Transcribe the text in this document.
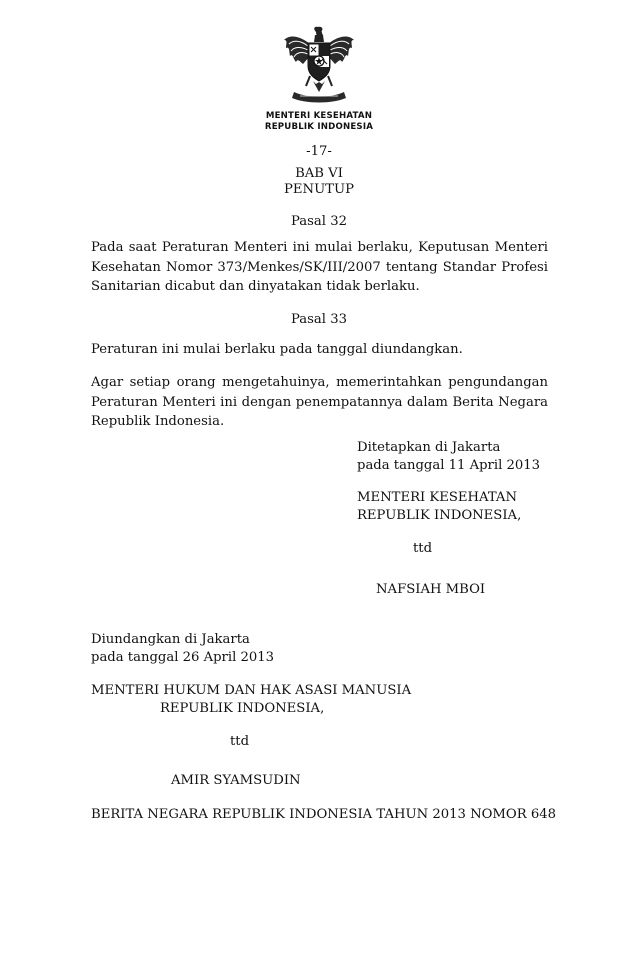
MENTERI KESEHATAN
REPUBLIK INDONESIA
-17-
BAB VI
PENUTUP
Pasal 32
Pada saat Peraturan Menteri ini mulai berlaku, Keputusan Menteri Kesehatan Nomor 373/Menkes/SK/III/2007 tentang Standar Profesi Sanitarian dicabut dan dinyatakan tidak berlaku.
Pasal 33
Peraturan ini mulai berlaku pada tanggal diundangkan.
Agar setiap orang mengetahuinya, memerintahkan pengundangan Peraturan Menteri ini dengan penempatannya dalam Berita Negara Republik Indonesia.
Ditetapkan di Jakarta
pada tanggal 11 April 2013
MENTERI KESEHATAN
REPUBLIK INDONESIA,
ttd
NAFSIAH MBOI
Diundangkan di Jakarta
pada tanggal 26 April 2013
MENTERI HUKUM DAN HAK ASASI MANUSIA
REPUBLIK INDONESIA,
ttd
AMIR SYAMSUDIN
BERITA NEGARA REPUBLIK INDONESIA TAHUN 2013 NOMOR 648
